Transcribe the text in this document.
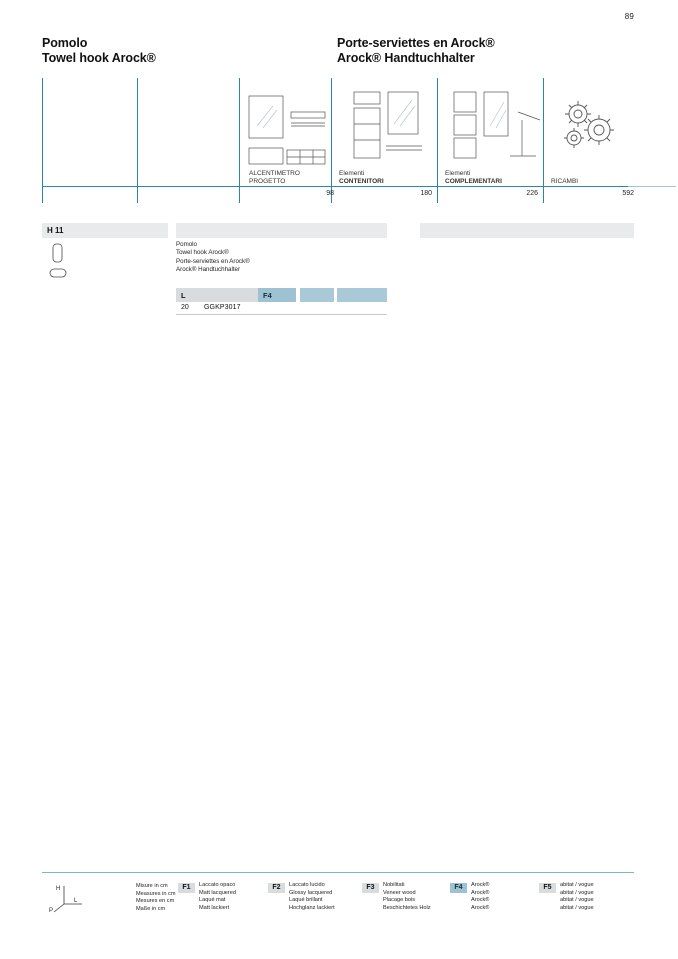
89
Pomolo
Towel hook Arock®
Porte-serviettes en Arock®
Arock® Handtuchhalter
ALCENTIMETRO
PROGETTO
Elementi
CONTENITORI
Elementi
COMPLEMENTARI	RICAMBI
98	180	226	592
H 11
Pomolo
Towel hook Arock®
Porte-serviettes en Arock®
Arock® Handtuchhalter
L	F4
20 GGKP3017
H
L
P
Misure in cm
Measures in cm
Mesures en cm
Maße in cm
F1	Laccato opaco
Matt lacquered
Laqué mat
Matt lackiert
F2	Laccato lucido
Glossy lacquered
Laqué brillant
Hochglanz lackiert
F3	Nobilitati
Veneer wood
Placage bois
Beschichtetes Holz
F4	Arock®
Arock®
Arock®
Arock®
F5	abitat / vogue
abitat / vogue
abitat / vogue
abitat / vogue
